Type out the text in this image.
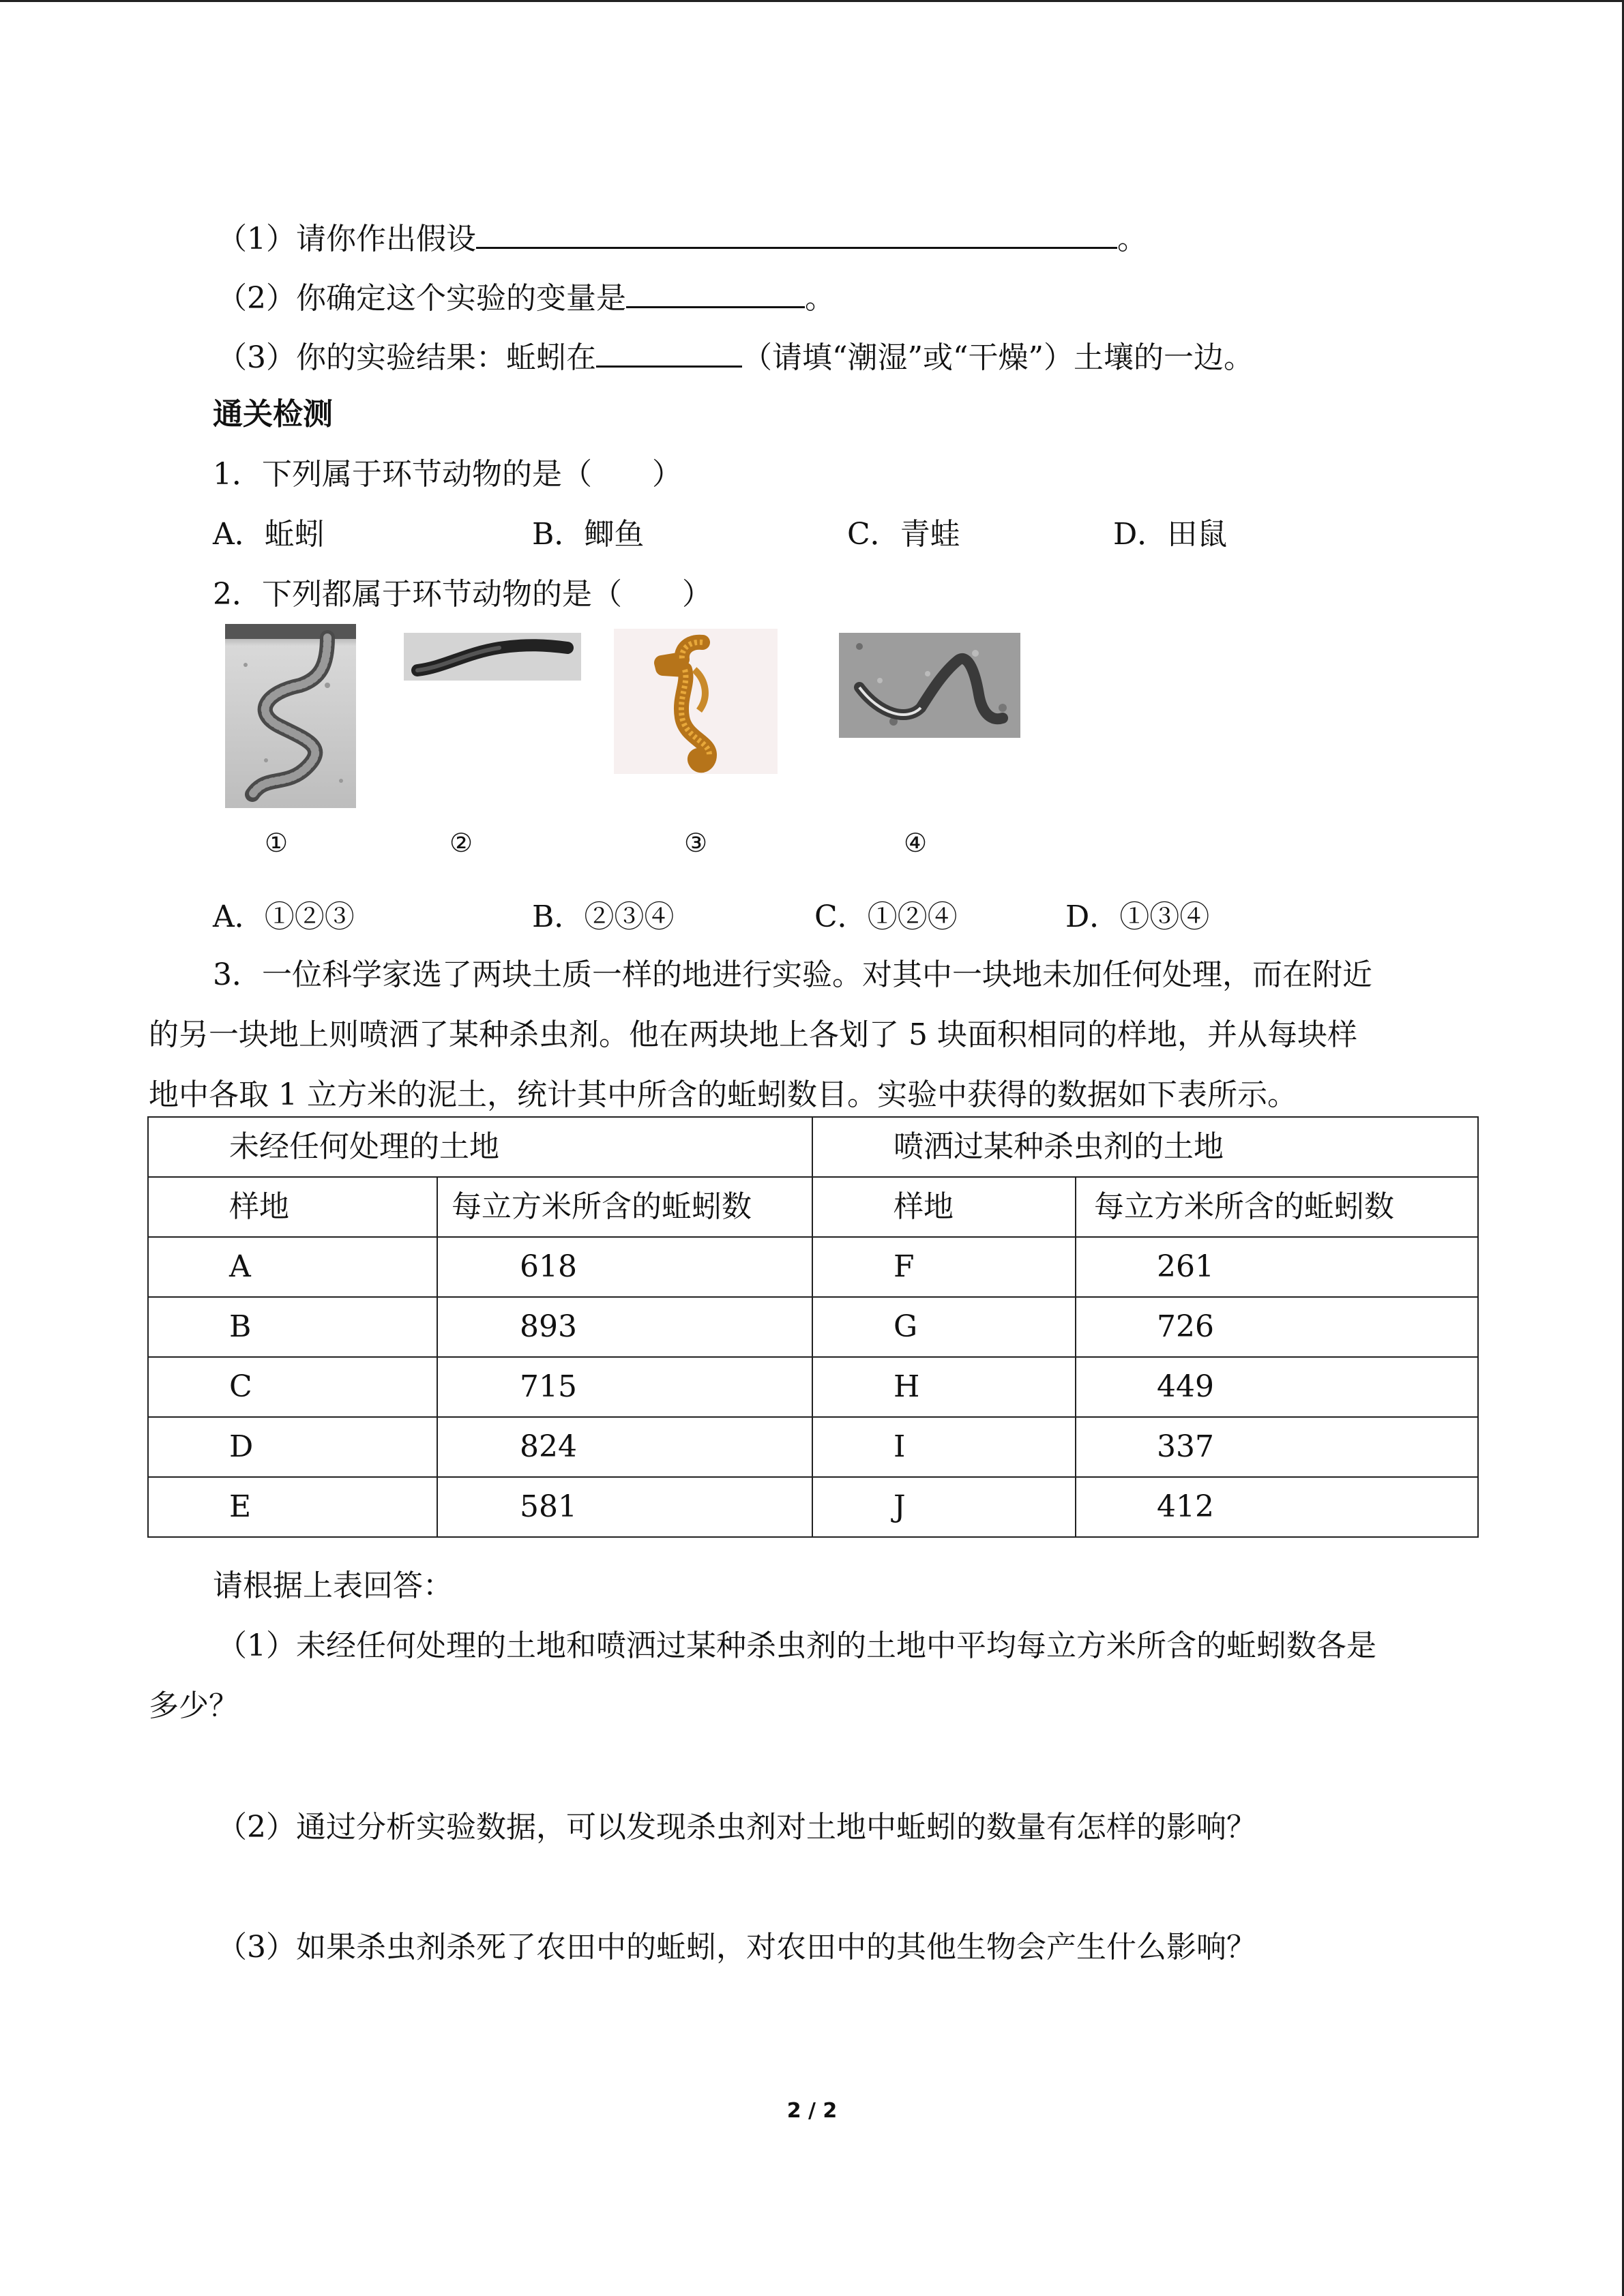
（1）请你作出假设	。
（2）你确定这个实验的变量是	。
（3）你的实验结果：蚯蚓在	（请填“潮湿”或“干燥”）土壤的一边。
通关检测
1．下列属于环节动物的是（　　）
A．蚯蚓	B．鲫鱼	C．青蛙	D．田鼠
2．下列都属于环节动物的是（　　）
①	②	③	④
A．①②③	B．②③④	C．①②④	D．①③④
3．一位科学家选了两块土质一样的地进行实验。对其中一块地未加任何处理，而在附近
的另一块地上则喷洒了某种杀虫剂。他在两块地上各划了 5 块面积相同的样地，并从每块样
地中各取 1 立方米的泥土，统计其中所含的蚯蚓数目。实验中获得的数据如下表所示。
未经任何处理的土地		喷洒过某种杀虫剂的土地	
样地	每立方米所含的蚯蚓数	样地	每立方米所含的蚯蚓数
A	618	F	261
B	893	G	726
C	715	H	449
D	824	I	337
E	581	J	412
请根据上表回答：
（1）未经任何处理的土地和喷洒过某种杀虫剂的土地中平均每立方米所含的蚯蚓数各是
多少？
（2）通过分析实验数据，可以发现杀虫剂对土地中蚯蚓的数量有怎样的影响？
（3）如果杀虫剂杀死了农田中的蚯蚓，对农田中的其他生物会产生什么影响？
2 / 2
